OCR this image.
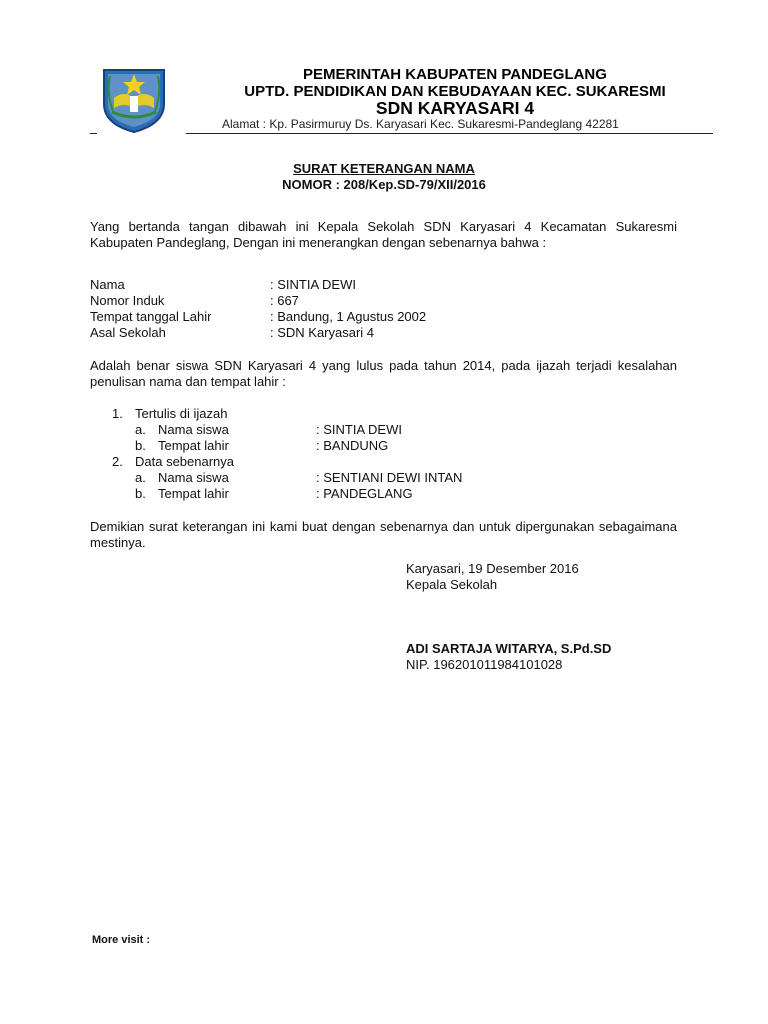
PEMERINTAH KABUPATEN PANDEGLANG
UPTD. PENDIDIKAN DAN KEBUDAYAAN KEC. SUKARESMI
SDN KARYASARI 4
Alamat : Kp. Pasirmuruy Ds. Karyasari Kec. Sukaresmi-Pandeglang 42281
SURAT KETERANGAN NAMA
NOMOR : 208/Kep.SD-79/XII/2016
Yang bertanda tangan dibawah ini Kepala Sekolah SDN Karyasari 4 Kecamatan Sukaresmi Kabupaten Pandeglang, Dengan ini menerangkan dengan sebenarnya bahwa :
Nama	: SINTIA DEWI
Nomor Induk	: 667
Tempat tanggal Lahir	: Bandung, 1 Agustus 2002
Asal Sekolah	: SDN Karyasari 4
Adalah benar siswa SDN Karyasari 4 yang lulus pada tahun 2014, pada ijazah terjadi kesalahan penulisan nama dan tempat lahir :
1. Tertulis di ijazah
a. Nama siswa	: SINTIA DEWI
b. Tempat lahir	: BANDUNG
2. Data sebenarnya
a. Nama siswa	: SENTIANI DEWI INTAN
b. Tempat lahir	: PANDEGLANG
Demikian surat keterangan ini kami buat dengan sebenarnya dan untuk dipergunakan sebagaimana mestinya.
Karyasari, 19 Desember 2016
Kepala Sekolah
ADI SARTAJA WITARYA, S.Pd.SD
NIP. 196201011984101028
More visit :
